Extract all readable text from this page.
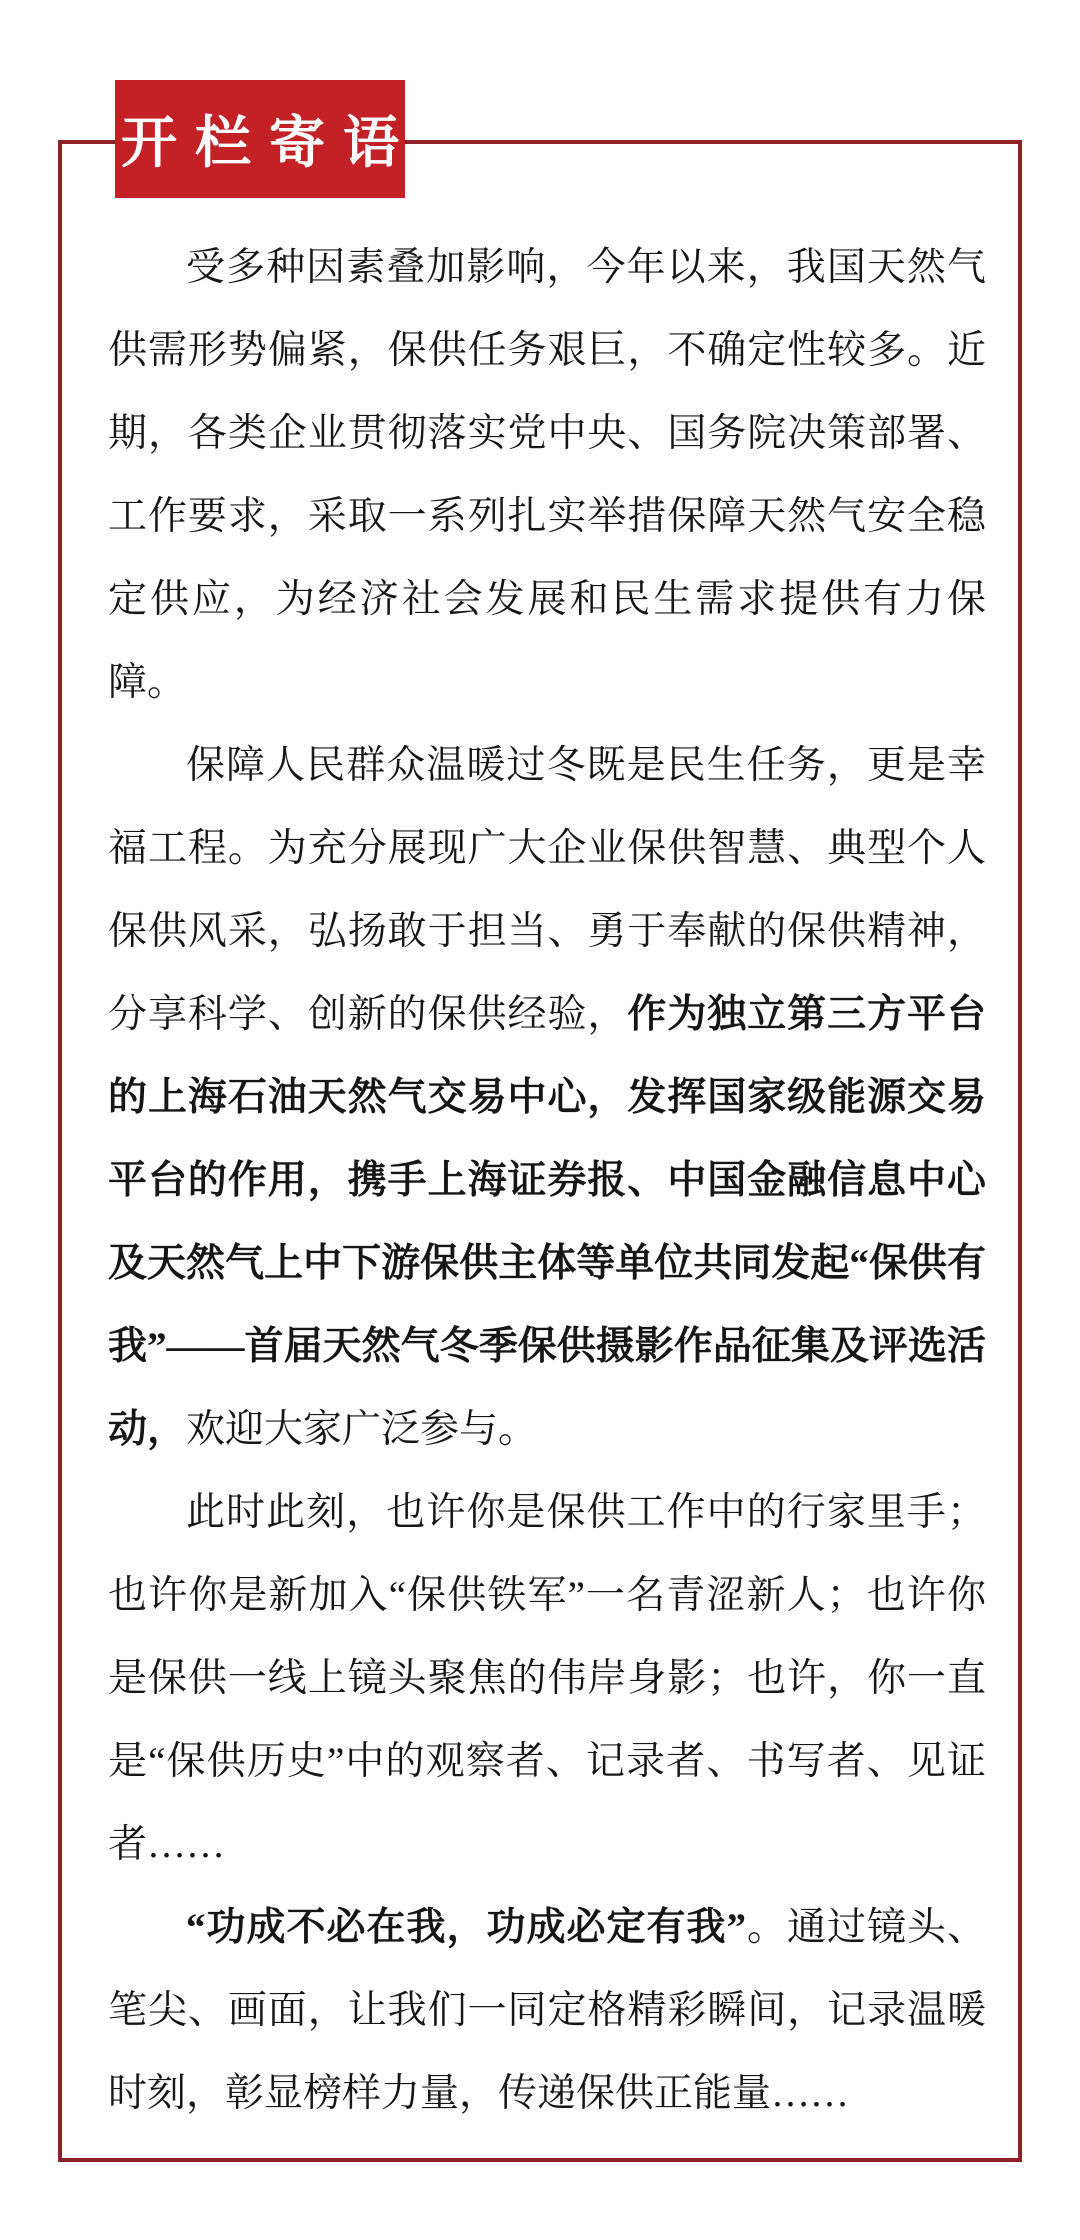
受多种因素叠加影响，今年以来，我国天然气供需形势偏紧，保供任务艰巨，不确定性较多。近期，各类企业贯彻落实党中央、国务院决策部署、工作要求，采取一系列扎实举措保障天然气安全稳定供应，为经济社会发展和民生需求提供有力保障。

保障人民群众温暖过冬既是民生任务，更是幸福工程。为充分展现广大企业保供智慧、典型个人保供风采，弘扬敢于担当、勇于奉献的保供精神，分享科学、创新的保供经验，作为独立第三方平台的上海石油天然气交易中心，发挥国家级能源交易平台的作用，携手上海证券报、中国金融信息中心及天然气上中下游保供主体等单位共同发起“保供有我”——首届天然气冬季保供摄影作品征集及评选活动，欢迎大家广泛参与。

此时此刻，也许你是保供工作中的行家里手；也许你是新加入“保供铁军”一名青涩新人；也许你是保供一线上镜头聚焦的伟岸身影；也许，你一直是“保供历史”中的观察者、记录者、书写者、见证者……

“功成不必在我，功成必定有我”。通过镜头、笔尖、画面，让我们一同定格精彩瞬间，记录温暖时刻，彰显榜样力量，传递保供正能量……

开栏寄语
